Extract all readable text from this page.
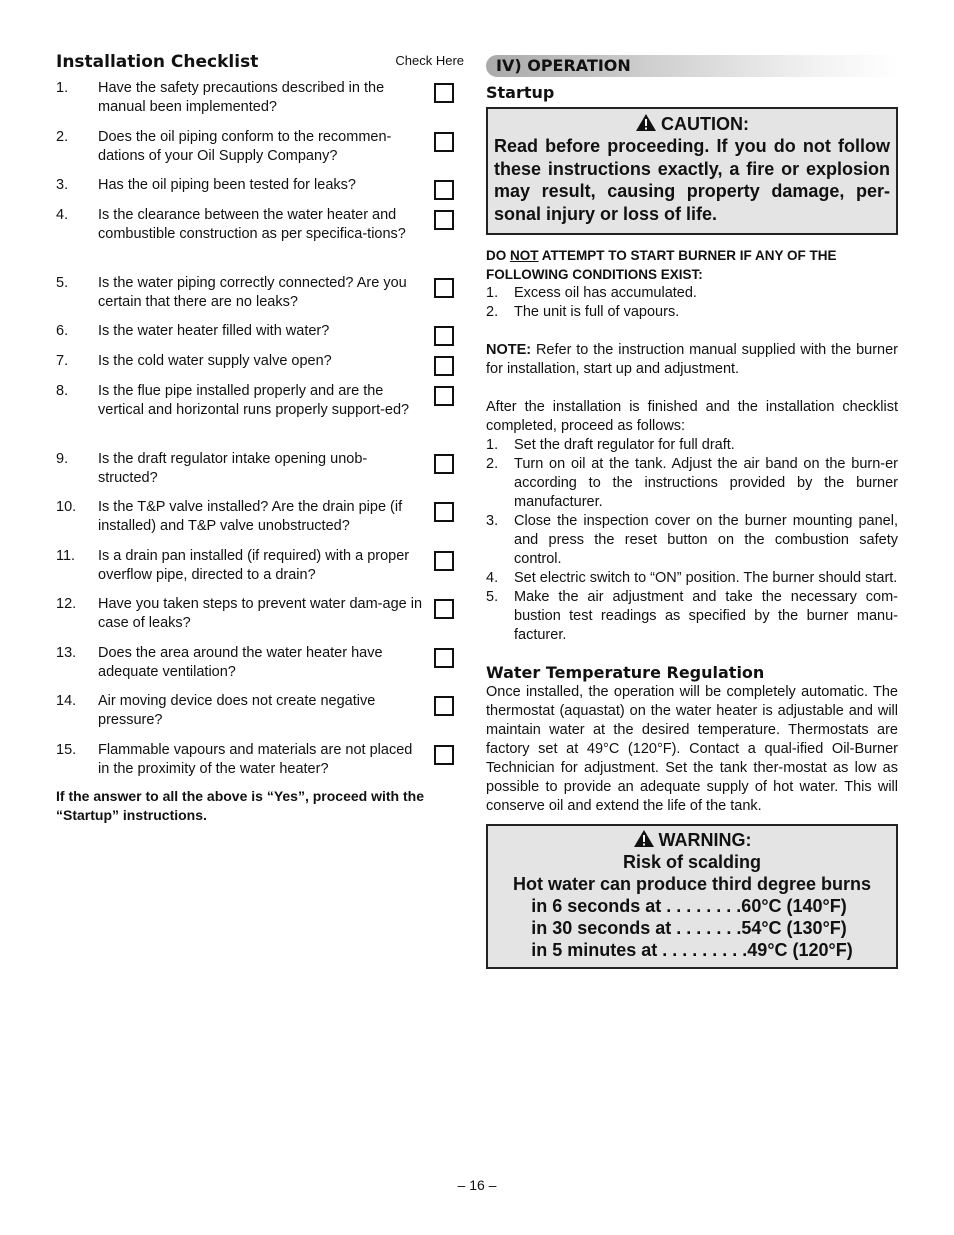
Installation Checklist	Check Here
1. Have the safety precautions described in the manual been implemented?
2. Does the oil piping conform to the recommen-dations of your Oil Supply Company?
3. Has the oil piping been tested for leaks?
4. Is the clearance between the water heater and combustible construction as per specifica-tions?
5. Is the water piping correctly connected? Are you certain that there are no leaks?
6. Is the water heater filled with water?
7. Is the cold water supply valve open?
8. Is the flue pipe installed properly and are the vertical and horizontal runs properly support-ed?
9. Is the draft regulator intake opening unob-structed?
10. Is the T&P valve installed? Are the drain pipe (if installed) and T&P valve unobstructed?
11. Is a drain pan installed (if required) with a proper overflow pipe, directed to a drain?
12. Have you taken steps to prevent water dam-age in case of leaks?
13. Does the area around the water heater have adequate ventilation?
14. Air moving device does not create negative pressure?
15. Flammable vapours and materials are not placed in the proximity of the water heater?
If the answer to all the above is “Yes”, proceed with the “Startup” instructions.
IV) OPERATION
Startup
CAUTION:
Read before proceeding. If you do not follow these instructions exactly, a fire or explosion may result, causing property damage, per-sonal injury or loss of life.
DO NOT ATTEMPT TO START BURNER IF ANY OF THE FOLLOWING CONDITIONS EXIST:
1. Excess oil has accumulated.
2. The unit is full of vapours.
NOTE: Refer to the instruction manual supplied with the burner for installation, start up and adjustment.
After the installation is finished and the installation checklist completed, proceed as follows:
1. Set the draft regulator for full draft.
2. Turn on oil at the tank. Adjust the air band on the burn-er according to the instructions provided by the burner manufacturer.
3. Close the inspection cover on the burner mounting panel, and press the reset button on the combustion safety control.
4. Set electric switch to “ON” position. The burner should start.
5. Make the air adjustment and take the necessary com-bustion test readings as specified by the burner manu-facturer.
Water Temperature Regulation
Once installed, the operation will be completely automatic. The thermostat (aquastat) on the water heater is adjustable and will maintain water at the desired temperature. Thermostats are factory set at 49°C (120°F). Contact a qual-ified Oil-Burner Technician for adjustment. Set the tank ther-mostat as low as possible to provide an adequate supply of hot water. This will conserve oil and extend the life of the tank.
WARNING:
Risk of scalding
Hot water can produce third degree burns
in 6 seconds at . . . . . . . .60°C (140°F)
in 30 seconds at . . . . . . .54°C (130°F)
in 5 minutes at . . . . . . . . .49°C (120°F)
– 16 –
